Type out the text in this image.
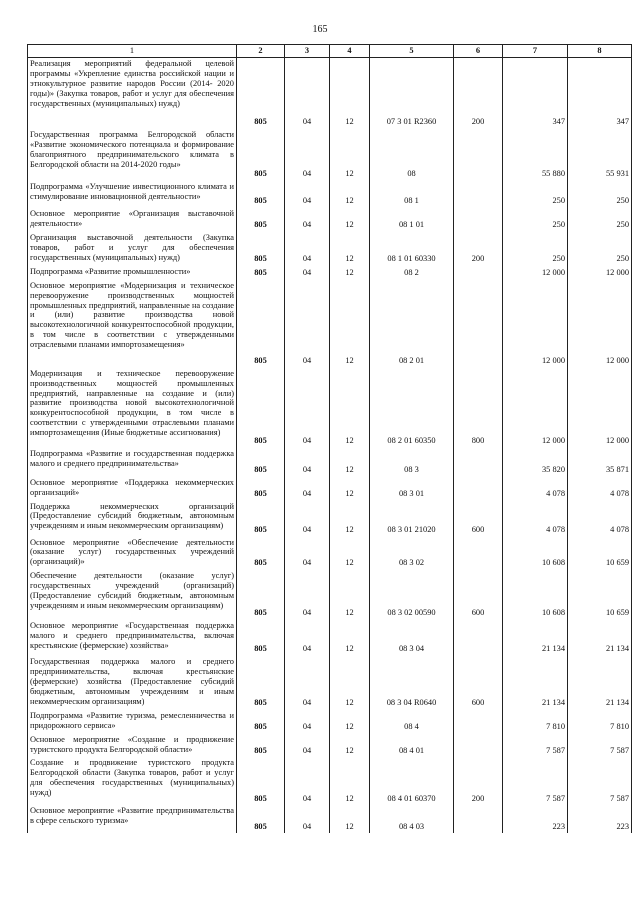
165
1	2	3	4	5	6	7	8
Реализация мероприятий федеральной целевой программы «Укрепление единства российской нации и этнокультурное развитие народов России (2014- 2020 годы)» (Закупка товаров, работ и услуг для обеспечения государственных (муниципальных) нужд)	805	04	12	07 3 01 R2360	200	347	347
Государственная программа Белгородской области «Развитие экономического потенциала и формирование благоприятного предпринимательского климата в Белгородской области на 2014-2020 годы»	805	04	12	08		55 880	55 931
Подпрограмма «Улучшение инвестиционного климата и стимулирование инновационной деятельности»	805	04	12	08 1		250	250
Основное мероприятие «Организация выставочной деятельности»	805	04	12	08 1 01		250	250
Организация выставочной деятельности (Закупка товаров, работ и услуг для обеспечения государственных (муниципальных) нужд)	805	04	12	08 1 01 60330	200	250	250
Подпрограмма «Развитие промышленности»	805	04	12	08 2		12 000	12 000
Основное мероприятие «Модернизация и техническое перевооружение производственных мощностей промышленных предприятий, направленные на создание и (или) развитие производства новой высокотехнологичной конкурентоспособной продукции, в том числе в соответствии с утвержденными отраслевыми планами импортозамещения»	805	04	12	08 2 01		12 000	12 000
Модернизация и техническое перевооружение производственных мощностей промышленных предприятий, направленные на создание и (или) развитие производства новой высокотехнологичной конкурентоспособной продукции, в том числе в соответствии с утвержденными отраслевыми планами импортозамещения (Иные бюджетные ассигнования)	805	04	12	08 2 01 60350	800	12 000	12 000
Подпрограмма «Развитие и государственная поддержка малого и среднего предпринимательства»	805	04	12	08 3		35 820	35 871
Основное мероприятие «Поддержка некоммерческих организаций»	805	04	12	08 3 01		4 078	4 078
Поддержка некоммерческих организаций (Предоставление субсидий бюджетным, автономным учреждениям и иным некоммерческим организациям)	805	04	12	08 3 01 21020	600	4 078	4 078
Основное мероприятие «Обеспечение деятельности (оказание услуг) государственных учреждений (организаций)»	805	04	12	08 3 02		10 608	10 659
Обеспечение деятельности (оказание услуг) государственных учреждений (организаций) (Предоставление субсидий бюджетным, автономным учреждениям и иным некоммерческим организациям)	805	04	12	08 3 02 00590	600	10 608	10 659
Основное мероприятие «Государственная поддержка малого и среднего предпринимательства, включая крестьянские (фермерские) хозяйства»	805	04	12	08 3 04		21 134	21 134
Государственная поддержка малого и среднего предпринимательства, включая крестьянские (фермерские) хозяйства (Предоставление субсидий бюджетным, автономным учреждениям и иным некоммерческим организациям)	805	04	12	08 3 04 R0640	600	21 134	21 134
Подпрограмма «Развитие туризма, ремесленничества и придорожного сервиса»	805	04	12	08 4		7 810	7 810
Основное мероприятие «Создание и продвижение туристского продукта Белгородской области»	805	04	12	08 4 01		7 587	7 587
Создание и продвижение туристского продукта Белгородской области (Закупка товаров, работ и услуг для обеспечения государственных (муниципальных) нужд)	805	04	12	08 4 01 60370	200	7 587	7 587
Основное мероприятие «Развитие предпринимательства в сфере сельского туризма»	805	04	12	08 4 03		223	223
